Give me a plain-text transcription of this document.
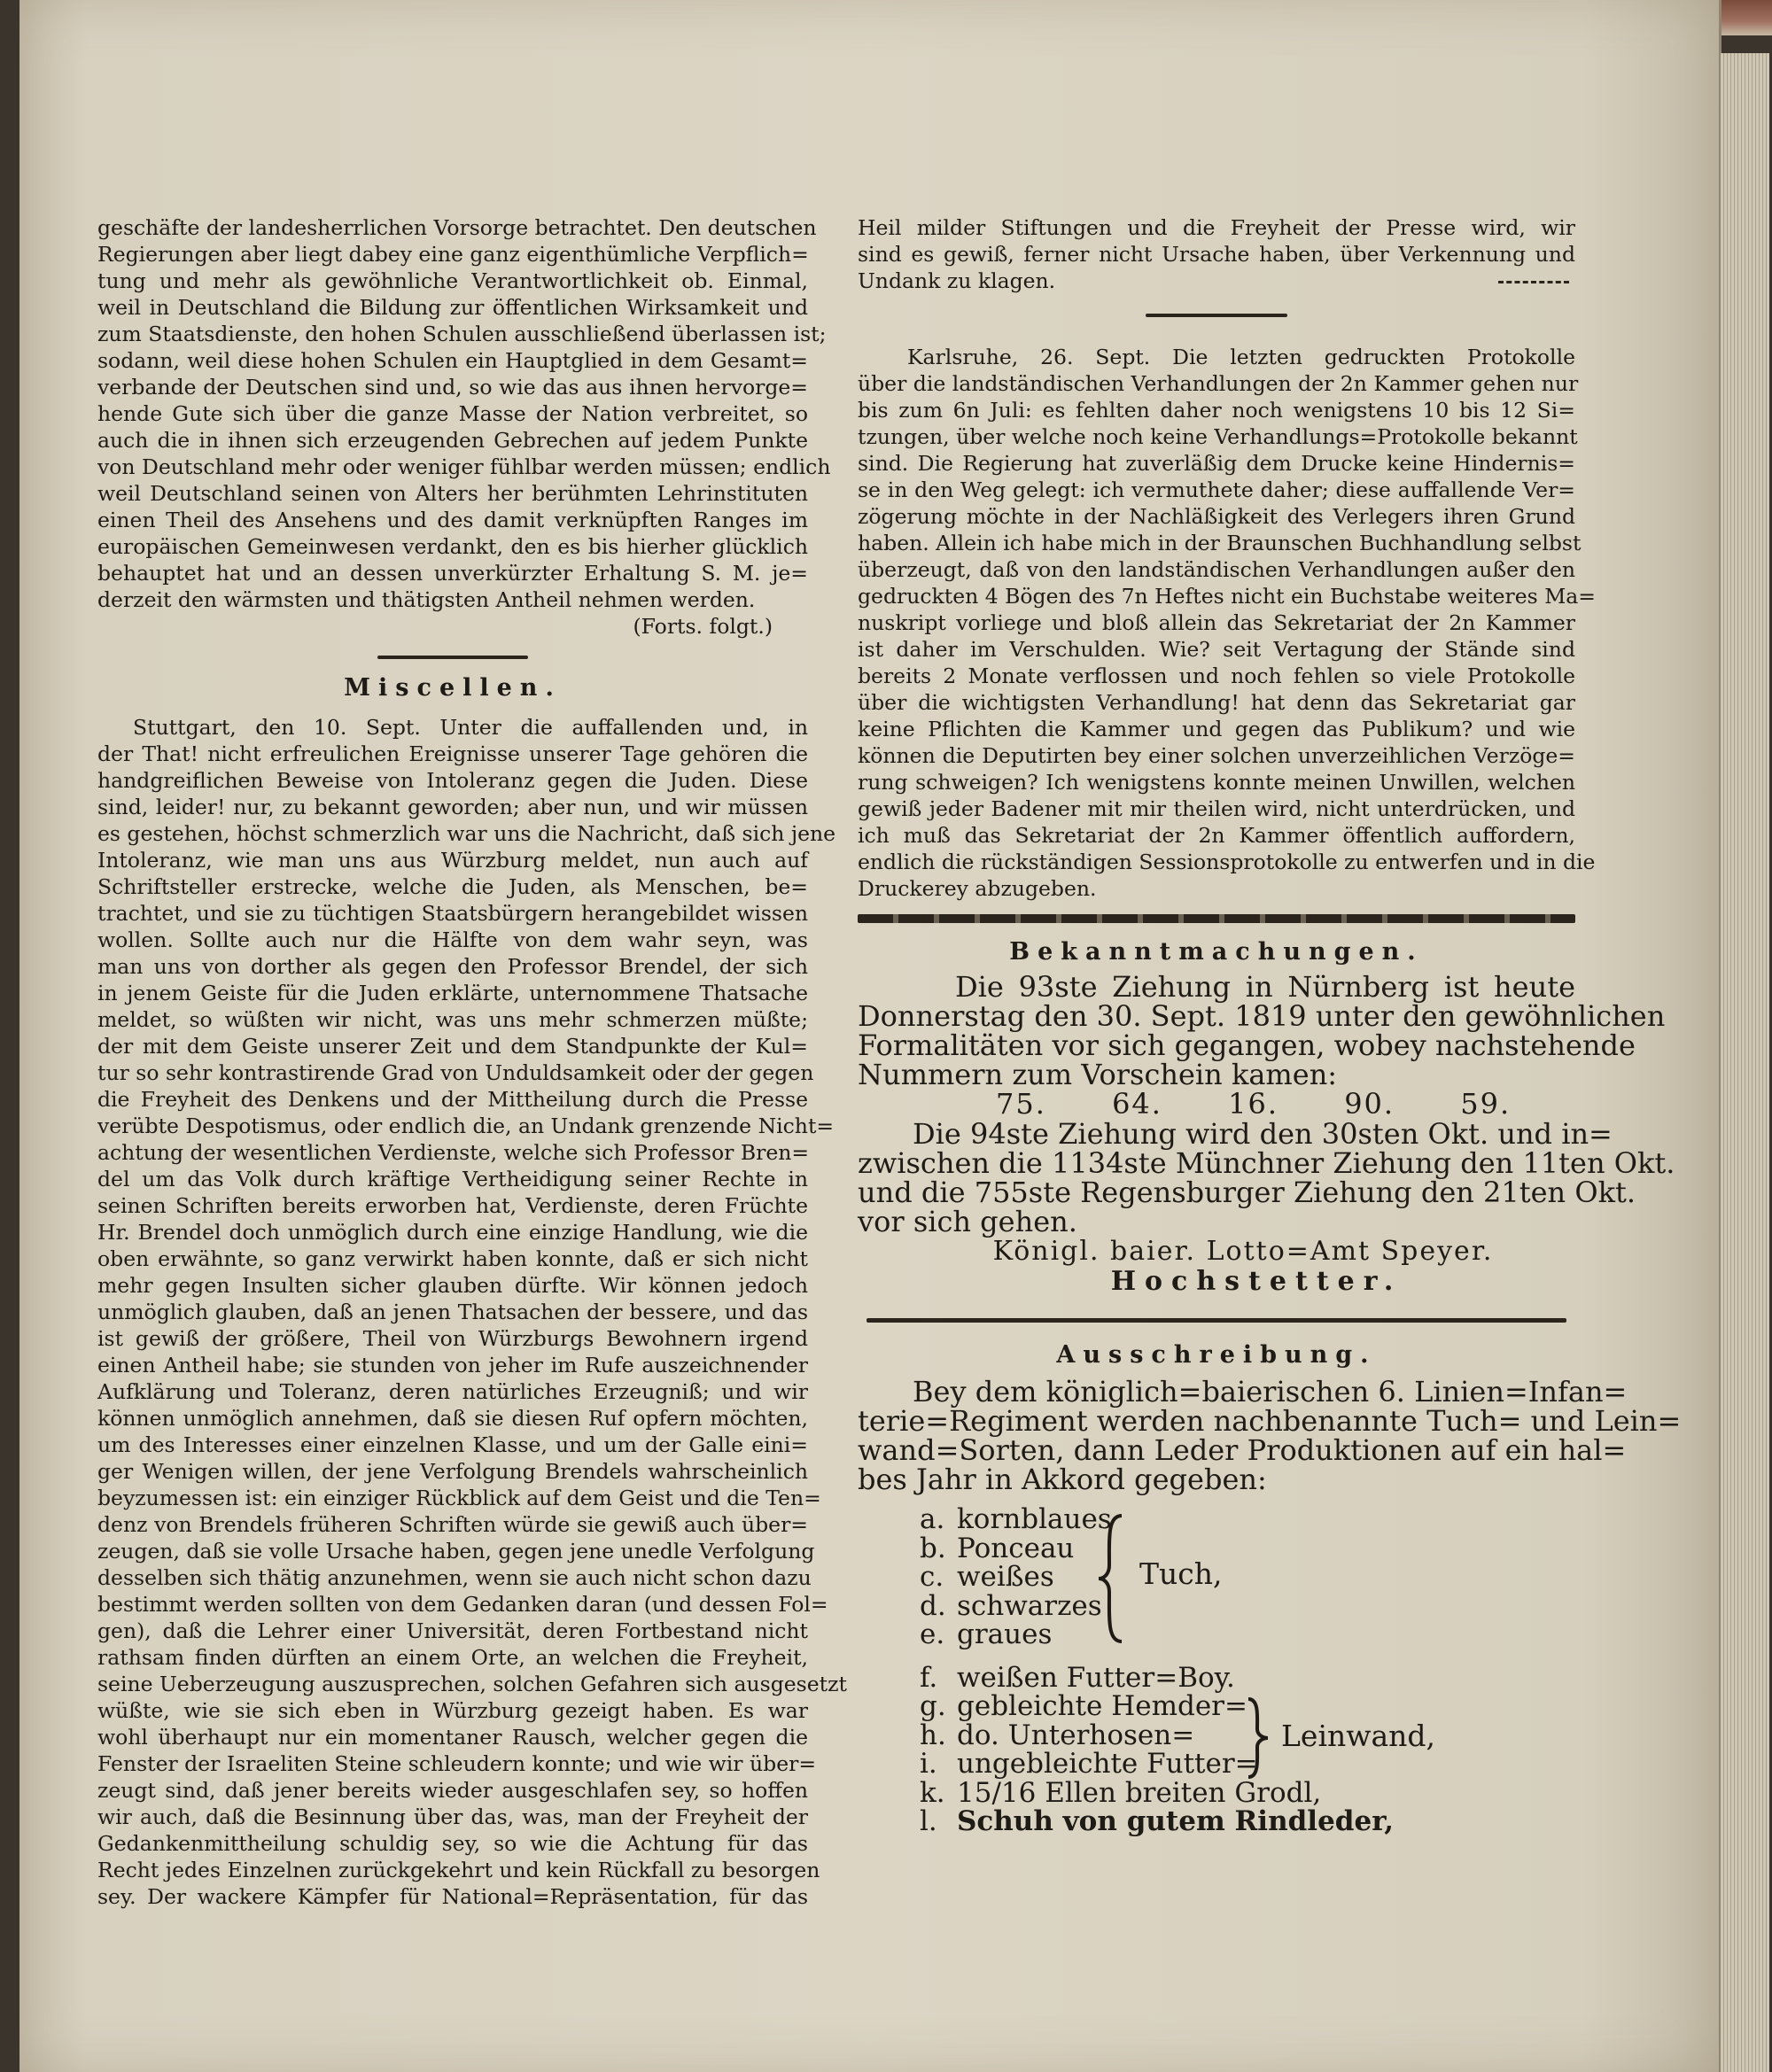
geschäfte der landesherrlichen Vorsorge betrachtet. Den deutschen
Regierungen aber liegt dabey eine ganz eigenthümliche Verpflich=
tung und mehr als gewöhnliche Verantwortlichkeit ob. Einmal,
weil in Deutschland die Bildung zur öffentlichen Wirksamkeit und
zum Staatsdienste, den hohen Schulen ausschließend überlassen ist;
sodann, weil diese hohen Schulen ein Hauptglied in dem Gesamt=
verbande der Deutschen sind und, so wie das aus ihnen hervorge=
hende Gute sich über die ganze Masse der Nation verbreitet, so
auch die in ihnen sich erzeugenden Gebrechen auf jedem Punkte
von Deutschland mehr oder weniger fühlbar werden müssen; endlich
weil Deutschland seinen von Alters her berühmten Lehrinstituten
einen Theil des Ansehens und des damit verknüpften Ranges im
europäischen Gemeinwesen verdankt, den es bis hierher glücklich
behauptet hat und an dessen unverkürzter Erhaltung S. M. je=
derzeit den wärmsten und thätigsten Antheil nehmen werden.
(Forts. folgt.)
Miscellen.
Stuttgart, den 10. Sept. Unter die auffallenden und, in
der That! nicht erfreulichen Ereignisse unserer Tage gehören die
handgreiflichen Beweise von Intoleranz gegen die Juden. Diese
sind, leider! nur, zu bekannt geworden; aber nun, und wir müssen
es gestehen, höchst schmerzlich war uns die Nachricht, daß sich jene
Intoleranz, wie man uns aus Würzburg meldet, nun auch auf
Schriftsteller erstrecke, welche die Juden, als Menschen, be=
trachtet, und sie zu tüchtigen Staatsbürgern herangebildet wissen
wollen. Sollte auch nur die Hälfte von dem wahr seyn, was
man uns von dorther als gegen den Professor Brendel, der sich
in jenem Geiste für die Juden erklärte, unternommene Thatsache
meldet, so wüßten wir nicht, was uns mehr schmerzen müßte;
der mit dem Geiste unserer Zeit und dem Standpunkte der Kul=
tur so sehr kontrastirende Grad von Unduldsamkeit oder der gegen
die Freyheit des Denkens und der Mittheilung durch die Presse
verübte Despotismus, oder endlich die, an Undank grenzende Nicht=
achtung der wesentlichen Verdienste, welche sich Professor Bren=
del um das Volk durch kräftige Vertheidigung seiner Rechte in
seinen Schriften bereits erworben hat, Verdienste, deren Früchte
Hr. Brendel doch unmöglich durch eine einzige Handlung, wie die
oben erwähnte, so ganz verwirkt haben konnte, daß er sich nicht
mehr gegen Insulten sicher glauben dürfte. Wir können jedoch
unmöglich glauben, daß an jenen Thatsachen der bessere, und das
ist gewiß der größere, Theil von Würzburgs Bewohnern irgend
einen Antheil habe; sie stunden von jeher im Rufe auszeichnender
Aufklärung und Toleranz, deren natürliches Erzeugniß; und wir
können unmöglich annehmen, daß sie diesen Ruf opfern möchten,
um des Interesses einer einzelnen Klasse, und um der Galle eini=
ger Wenigen willen, der jene Verfolgung Brendels wahrscheinlich
beyzumessen ist: ein einziger Rückblick auf dem Geist und die Ten=
denz von Brendels früheren Schriften würde sie gewiß auch über=
zeugen, daß sie volle Ursache haben, gegen jene unedle Verfolgung
desselben sich thätig anzunehmen, wenn sie auch nicht schon dazu
bestimmt werden sollten von dem Gedanken daran (und dessen Fol=
gen), daß die Lehrer einer Universität, deren Fortbestand nicht
rathsam finden dürften an einem Orte, an welchen die Freyheit,
seine Ueberzeugung auszusprechen, solchen Gefahren sich ausgesetzt
wüßte, wie sie sich eben in Würzburg gezeigt haben. Es war
wohl überhaupt nur ein momentaner Rausch, welcher gegen die
Fenster der Israeliten Steine schleudern konnte; und wie wir über=
zeugt sind, daß jener bereits wieder ausgeschlafen sey, so hoffen
wir auch, daß die Besinnung über das, was, man der Freyheit der
Gedankenmittheilung schuldig sey, so wie die Achtung für das
Recht jedes Einzelnen zurückgekehrt und kein Rückfall zu besorgen
sey. Der wackere Kämpfer für National=Repräsentation, für das
Heil milder Stiftungen und die Freyheit der Presse wird, wir
sind es gewiß, ferner nicht Ursache haben, über Verkennung und
Undank zu klagen.
Karlsruhe, 26. Sept. Die letzten gedruckten Protokolle
über die landständischen Verhandlungen der 2n Kammer gehen nur
bis zum 6n Juli: es fehlten daher noch wenigstens 10 bis 12 Si=
tzungen, über welche noch keine Verhandlungs=Protokolle bekannt
sind. Die Regierung hat zuverläßig dem Drucke keine Hindernis=
se in den Weg gelegt: ich vermuthete daher; diese auffallende Ver=
zögerung möchte in der Nachläßigkeit des Verlegers ihren Grund
haben. Allein ich habe mich in der Braunschen Buchhandlung selbst
überzeugt, daß von den landständischen Verhandlungen außer den
gedruckten 4 Bögen des 7n Heftes nicht ein Buchstabe weiteres Ma=
nuskript vorliege und bloß allein das Sekretariat der 2n Kammer
ist daher im Verschulden. Wie? seit Vertagung der Stände sind
bereits 2 Monate verflossen und noch fehlen so viele Protokolle
über die wichtigsten Verhandlung! hat denn das Sekretariat gar
keine Pflichten die Kammer und gegen das Publikum? und wie
können die Deputirten bey einer solchen unverzeihlichen Verzöge=
rung schweigen? Ich wenigstens konnte meinen Unwillen, welchen
gewiß jeder Badener mit mir theilen wird, nicht unterdrücken, und
ich muß das Sekretariat der 2n Kammer öffentlich auffordern,
endlich die rückständigen Sessionsprotokolle zu entwerfen und in die
Druckerey abzugeben.
Bekanntmachungen.
Die 93ste Ziehung in Nürnberg ist heute
Donnerstag den 30. Sept. 1819 unter den gewöhnlichen
Formalitäten vor sich gegangen, wobey nachstehende
Nummern zum Vorschein kamen:
75. 64. 16. 90. 59.
Die 94ste Ziehung wird den 30sten Okt. und in=
zwischen die 1134ste Münchner Ziehung den 11ten Okt.
und die 755ste Regensburger Ziehung den 21ten Okt.
vor sich gehen.
Königl. baier. Lotto=Amt Speyer.
Hochstetter.
Ausschreibung.
Bey dem königlich=baierischen 6. Linien=Infan=
terie=Regiment werden nachbenannte Tuch= und Lein=
wand=Sorten, dann Leder Produktionen auf ein hal=
bes Jahr in Akkord gegeben:
a. kornblaues
b. Ponceau
c. weißes
d. schwarzes
e. graues
Tuch,
f. weißen Futter=Boy.
g. gebleichte Hemder=
h. do. Unterhosen=
i. ungebleichte Futter=
Leinwand,
k. 15/16 Ellen breiten Grodl,
l. Schuh von gutem Rindleder,
